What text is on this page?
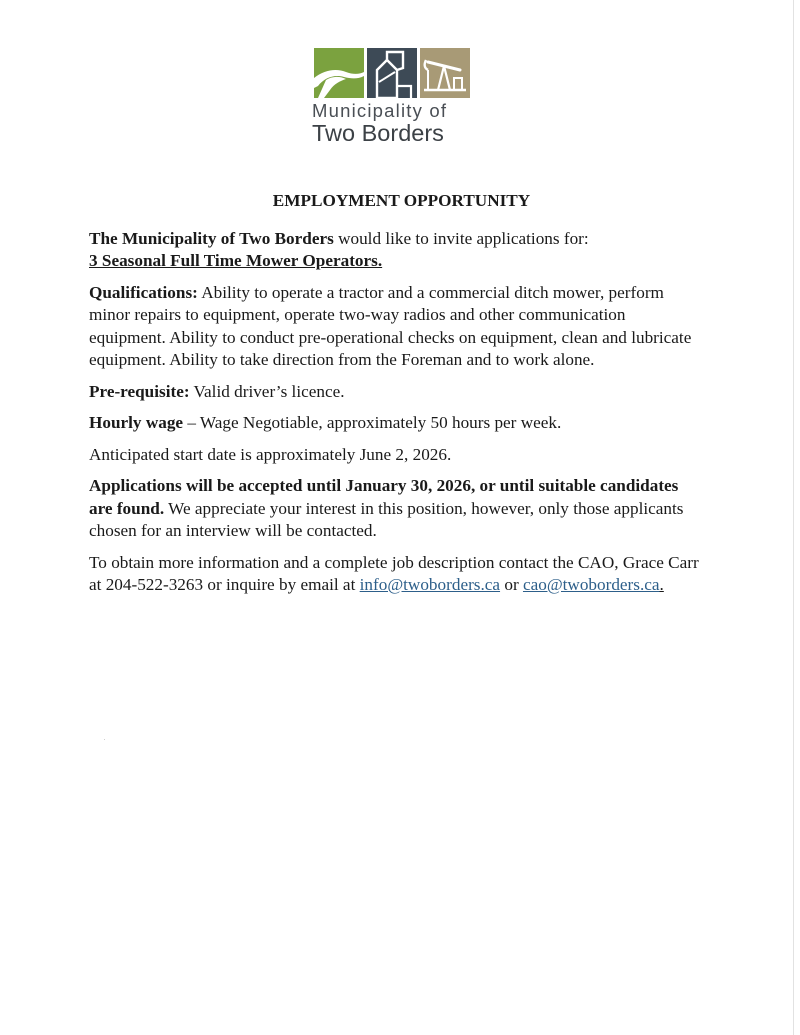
Municipality of
Two Borders
EMPLOYMENT OPPORTUNITY

The Municipality of Two Borders would like to invite applications for:
3 Seasonal Full Time Mower Operators.

Qualifications: Ability to operate a tractor and a commercial ditch mower, perform minor repairs to equipment, operate two-way radios and other communication equipment. Ability to conduct pre-operational checks on equipment, clean and lubricate equipment. Ability to take direction from the Foreman and to work alone.

Pre-requisite: Valid driver’s licence.

Hourly wage – Wage Negotiable, approximately 50 hours per week.

Anticipated start date is approximately June 2, 2026.

Applications will be accepted until January 30, 2026, or until suitable candidates are found. We appreciate your interest in this position, however, only those applicants chosen for an interview will be contacted.

To obtain more information and a complete job description contact the CAO, Grace Carr at 204-522-3263 or inquire by email at info@twoborders.ca or cao@twoborders.ca.
